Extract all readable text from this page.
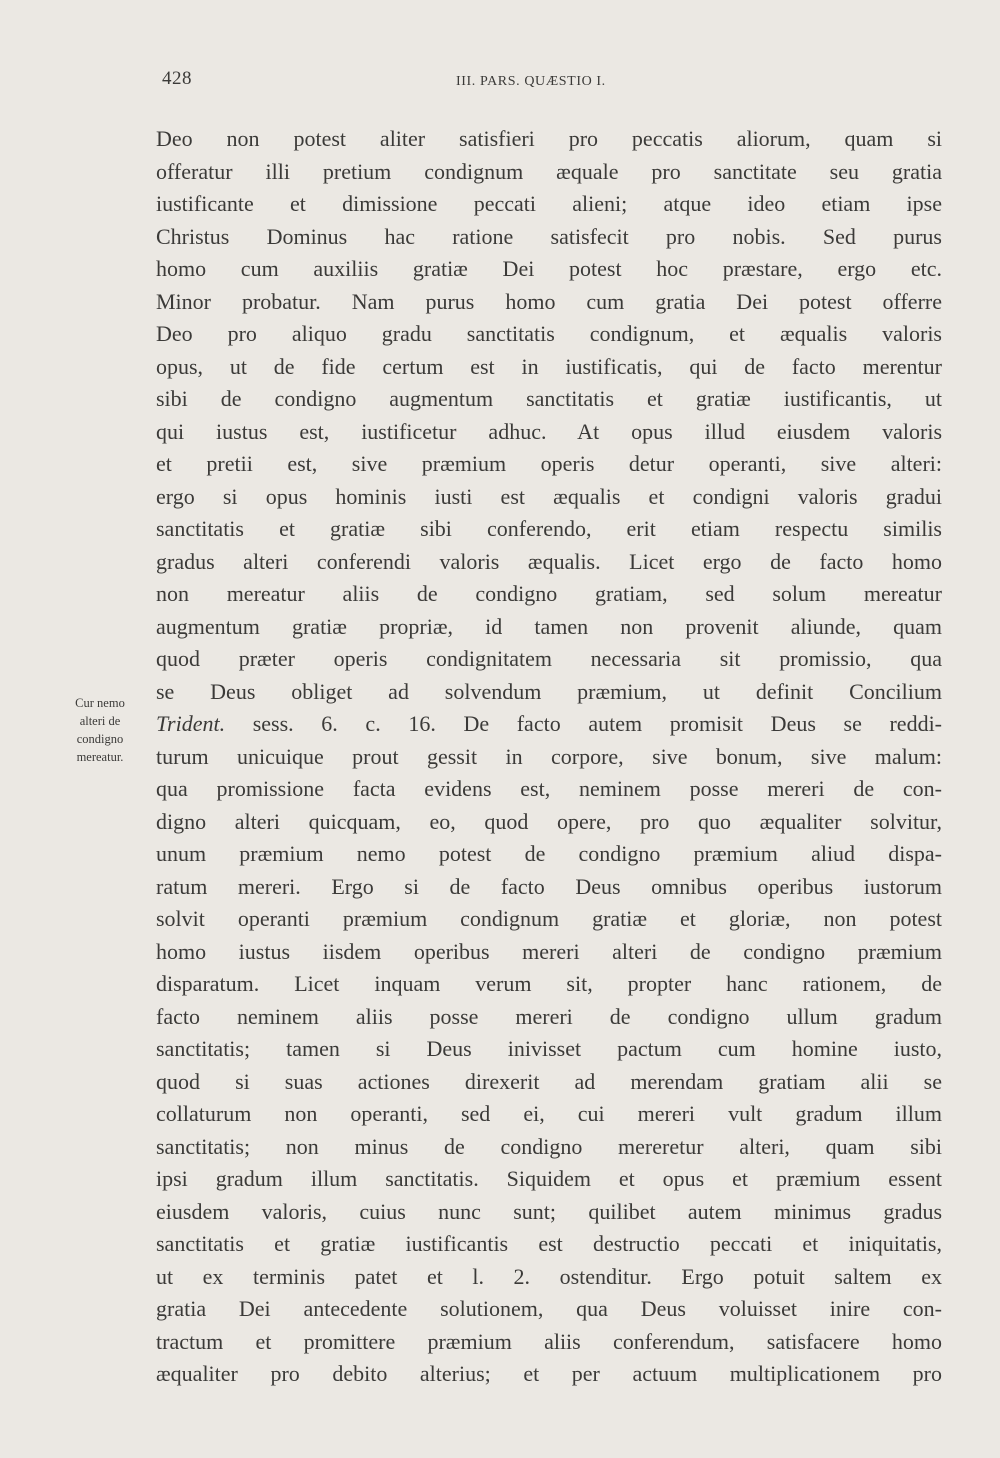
428	III. PARS. QUÆSTIO I.
Cur nemo
alteri de
condigno
mereatur.
Deo non potest aliter satisfieri pro peccatis aliorum, quam si
offeratur illi pretium condignum æquale pro sanctitate seu gratia
iustificante et dimissione peccati alieni; atque ideo etiam ipse
Christus Dominus hac ratione satisfecit pro nobis. Sed purus
homo cum auxiliis gratiæ Dei potest hoc præstare, ergo etc.
Minor probatur. Nam purus homo cum gratia Dei potest offerre
Deo pro aliquo gradu sanctitatis condignum, et æqualis valoris
opus, ut de fide certum est in iustificatis, qui de facto merentur
sibi de condigno augmentum sanctitatis et gratiæ iustificantis, ut
qui iustus est, iustificetur adhuc. At opus illud eiusdem valoris
et pretii est, sive præmium operis detur operanti, sive alteri:
ergo si opus hominis iusti est æqualis et condigni valoris gradui
sanctitatis et gratiæ sibi conferendo, erit etiam respectu similis
gradus alteri conferendi valoris æqualis. Licet ergo de facto homo
non mereatur aliis de condigno gratiam, sed solum mereatur
augmentum gratiæ propriæ, id tamen non provenit aliunde, quam
quod præter operis condignitatem necessaria sit promissio, qua
se Deus obliget ad solvendum præmium, ut definit Concilium
Trident. sess. 6. c. 16. De facto autem promisit Deus se reddi-
turum unicuique prout gessit in corpore, sive bonum, sive malum:
qua promissione facta evidens est, neminem posse mereri de con-
digno alteri quicquam, eo, quod opere, pro quo æqualiter solvitur,
unum præmium nemo potest de condigno præmium aliud dispa-
ratum mereri. Ergo si de facto Deus omnibus operibus iustorum
solvit operanti præmium condignum gratiæ et gloriæ, non potest
homo iustus iisdem operibus mereri alteri de condigno præmium
disparatum. Licet inquam verum sit, propter hanc rationem, de
facto neminem aliis posse mereri de condigno ullum gradum
sanctitatis; tamen si Deus inivisset pactum cum homine iusto,
quod si suas actiones direxerit ad merendam gratiam alii se
collaturum non operanti, sed ei, cui mereri vult gradum illum
sanctitatis; non minus de condigno mereretur alteri, quam sibi
ipsi gradum illum sanctitatis. Siquidem et opus et præmium essent
eiusdem valoris, cuius nunc sunt; quilibet autem minimus gradus
sanctitatis et gratiæ iustificantis est destructio peccati et iniquitatis,
ut ex terminis patet et l. 2. ostenditur. Ergo potuit saltem ex
gratia Dei antecedente solutionem, qua Deus voluisset inire con-
tractum et promittere præmium aliis conferendum, satisfacere homo
æqualiter pro debito alterius; et per actuum multiplicationem pro
